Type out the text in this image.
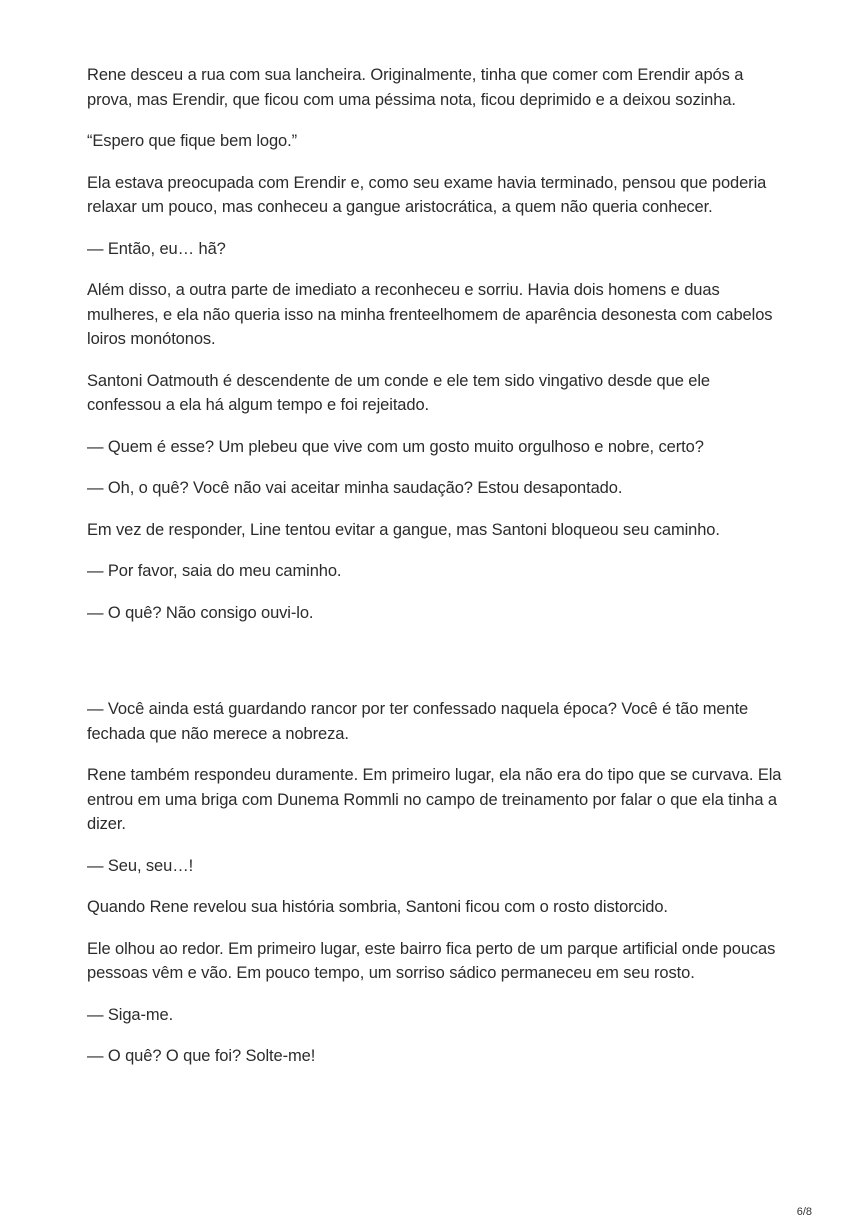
Rene desceu a rua com sua lancheira. Originalmente, tinha que comer com Erendir após a prova, mas Erendir, que ficou com uma péssima nota, ficou deprimido e a deixou sozinha.

“Espero que fique bem logo.”

Ela estava preocupada com Erendir e, como seu exame havia terminado, pensou que poderia relaxar um pouco, mas conheceu a gangue aristocrática, a quem não queria conhecer.

— Então, eu… hã?

Além disso, a outra parte de imediato a reconheceu e sorriu. Havia dois homens e duas mulheres, e ela não queria isso na minha frenteelhomem de aparência desonesta com cabelos loiros monótonos.

Santoni Oatmouth é descendente de um conde e ele tem sido vingativo desde que ele confessou a ela há algum tempo e foi rejeitado.

— Quem é esse? Um plebeu que vive com um gosto muito orgulhoso e nobre, certo?

— Oh, o quê? Você não vai aceitar minha saudação? Estou desapontado.

Em vez de responder, Line tentou evitar a gangue, mas Santoni bloqueou seu caminho.

— Por favor, saia do meu caminho.

— O quê? Não consigo ouvi-lo.

— Você ainda está guardando rancor por ter confessado naquela época? Você é tão mente fechada que não merece a nobreza.

Rene também respondeu duramente. Em primeiro lugar, ela não era do tipo que se curvava. Ela entrou em uma briga com Dunema Rommli no campo de treinamento por falar o que ela tinha a dizer.

— Seu, seu…!

Quando Rene revelou sua história sombria, Santoni ficou com o rosto distorcido.

Ele olhou ao redor. Em primeiro lugar, este bairro fica perto de um parque artificial onde poucas pessoas vêm e vão. Em pouco tempo, um sorriso sádico permaneceu em seu rosto.

— Siga-me.

— O quê? O que foi? Solte-me!

6/8
